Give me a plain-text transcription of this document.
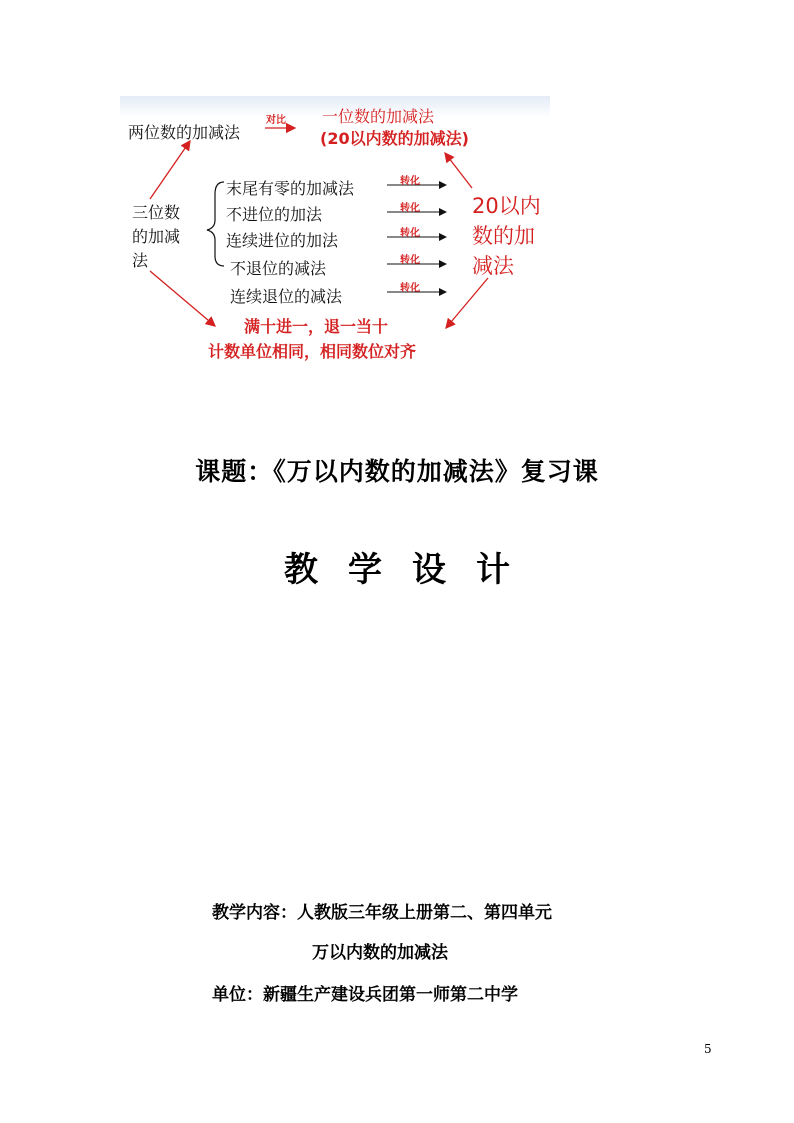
两位数的加减法
对比 一位数的加减法
(20以内数的加减法)
三位数
的加减
法
末尾有零的加减法
不进位的加法
连续进位的加法
不退位的减法
连续退位的减法
转化
转化
转化
转化
转化
20以内
数的加
减法
满十进一，退一当十
计数单位相同，相同数位对齐
课题：《万以内数的加减法》复习课
教学设计
教学内容：人教版三年级上册第二、第四单元
万以内数的加减法
单位：新疆生产建设兵团第一师第二中学
5
